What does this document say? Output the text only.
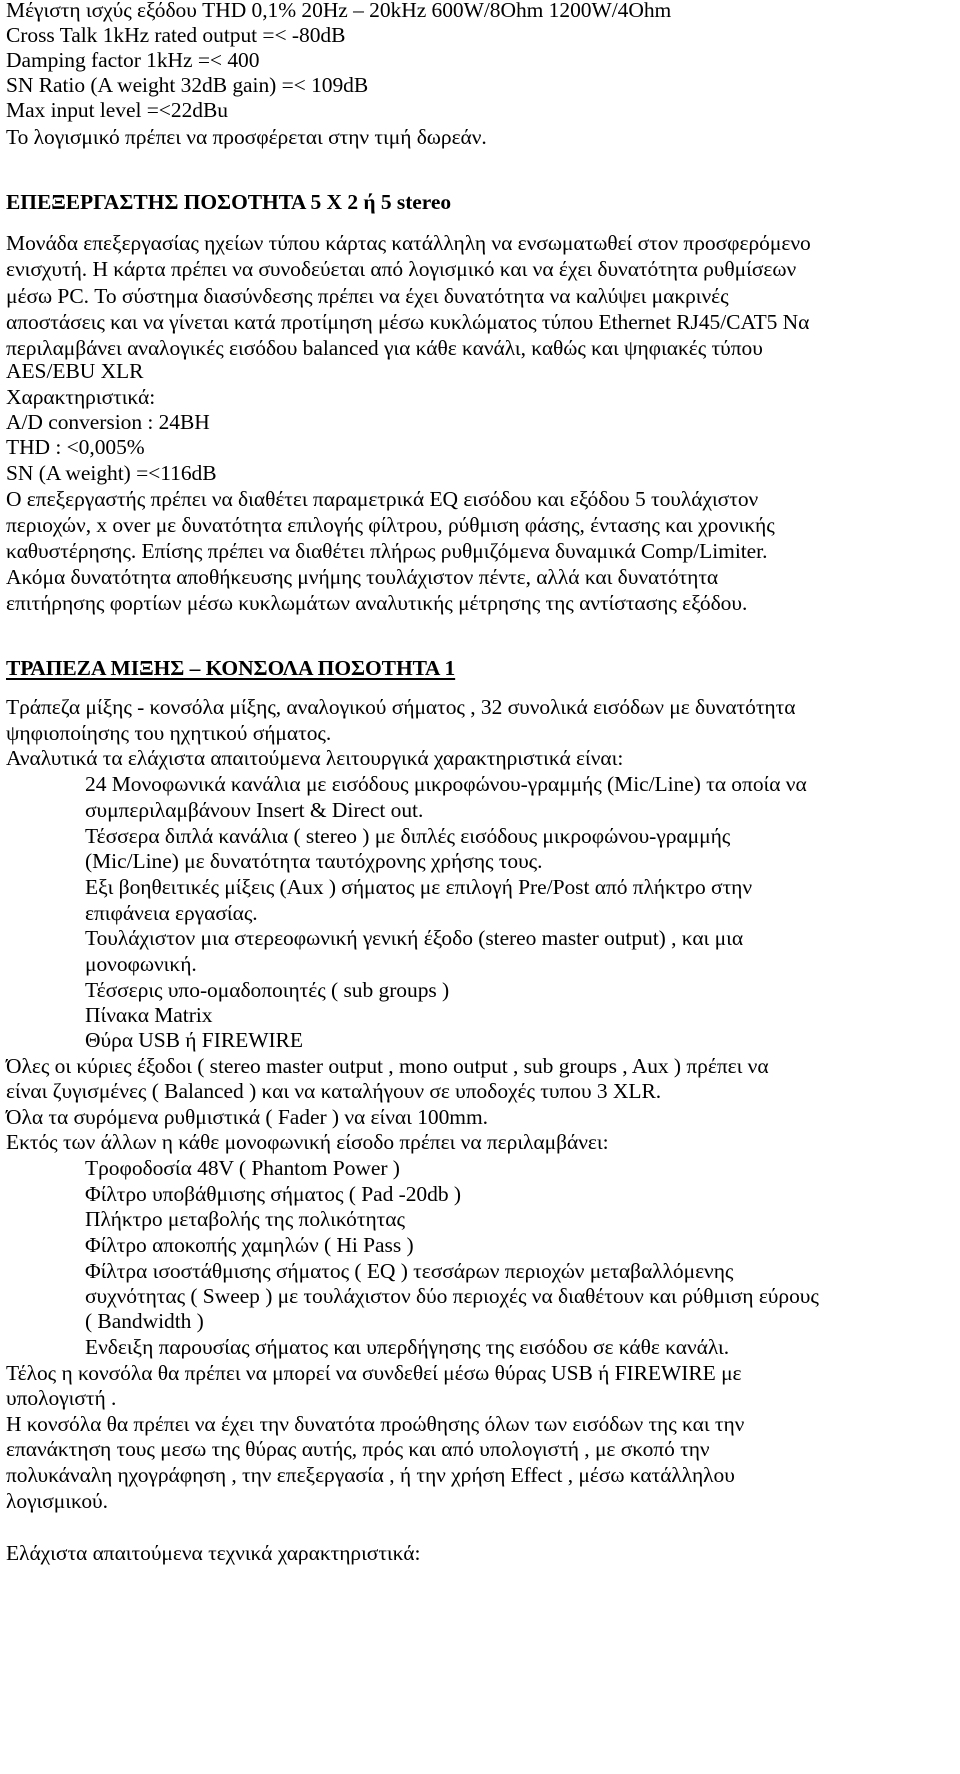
Μέγιστη ισχύς εξόδου THD 0,1% 20Hz – 20kHz 600W/8Ohm 1200W/4Ohm
Cross Talk 1kHz rated output =< -80dB
Damping factor 1kHz =< 400
SN Ratio (A weight 32dB gain) =< 109dB
Max input level =<22dBu
Το λογισμικό πρέπει να προσφέρεται στην τιμή δωρεάν.
ΕΠΕΞΕΡΓΑΣΤΗΣ ΠΟΣΟΤΗΤΑ 5 Χ 2 ή 5 stereo
Μονάδα επεξεργασίας ηχείων τύπου κάρτας κατάλληλη να ενσωματωθεί στον προσφερόμενο
ενισχυτή. Η κάρτα πρέπει να συνοδεύεται από λογισμικό και να έχει δυνατότητα ρυθμίσεων
μέσω PC. Το σύστημα διασύνδεσης πρέπει να έχει δυνατότητα να καλύψει μακρινές
αποστάσεις και να γίνεται κατά προτίμηση μέσω κυκλώματος τύπου Ethernet RJ45/CAT5 Να
περιλαμβάνει αναλογικές εισόδου balanced για κάθε κανάλι, καθώς και ψηφιακές τύπου
AES/EBU XLR
Χαρακτηριστικά:
A/D conversion : 24BH
THD : <0,005%
SN (A weight) =<116dB
Ο επεξεργαστής πρέπει να διαθέτει παραμετρικά EQ εισόδου και εξόδου 5 τουλάχιστον
περιοχών, x over με δυνατότητα επιλογής φίλτρου, ρύθμιση φάσης, έντασης και χρονικής
καθυστέρησης. Επίσης πρέπει να διαθέτει πλήρως ρυθμιζόμενα δυναμικά Comp/Limiter.
Ακόμα δυνατότητα αποθήκευσης μνήμης τουλάχιστον πέντε, αλλά και δυνατότητα
επιτήρησης φορτίων μέσω κυκλωμάτων αναλυτικής μέτρησης της αντίστασης εξόδου.
ΤΡΑΠΕΖΑ ΜΙΞΗΣ – ΚΟΝΣΟΛΑ ΠΟΣΟΤΗΤΑ 1
Τράπεζα μίξης - κονσόλα μίξης, αναλογικού σήματος , 32 συνολικά εισόδων με δυνατότητα
ψηφιοποίησης του ηχητικού σήματος.
Αναλυτικά τα ελάχιστα απαιτούμενα λειτουργικά χαρακτηριστικά είναι:
24 Μονοφωνικά κανάλια με εισόδους μικροφώνου-γραμμής (Mic/Line) τα οποία να
συμπεριλαμβάνουν Insert & Direct out.
Τέσσερα διπλά κανάλια ( stereo ) με διπλές εισόδους μικροφώνου-γραμμής
(Mic/Line) με δυνατότητα ταυτόχρονης χρήσης τους.
Εξι βοηθειτικές μίξεις (Aux ) σήματος με επιλογή Pre/Post από πλήκτρο στην
επιφάνεια εργασίας.
Τουλάχιστον μια στερεοφωνική γενική έξοδο (stereo master output) , και μια
μονοφωνική.
Τέσσερις υπο-ομαδοποιητές ( sub groups )
Πίνακα Matrix
Θύρα USB ή FIREWIRE
Όλες οι κύριες έξοδοι ( stereo master output , mono output , sub groups , Aux ) πρέπει να
είναι ζυγισμένες ( Balanced ) και να καταλήγουν σε υποδοχές τυπου 3 XLR.
Όλα τα συρόμενα ρυθμιστικά ( Fader ) να είναι 100mm.
Εκτός των άλλων η κάθε μονοφωνική είσοδο πρέπει να περιλαμβάνει:
Τροφοδοσία 48V ( Phantom Power )
Φίλτρο υποβάθμισης σήματος ( Pad -20db )
Πλήκτρο μεταβολής της πολικότητας
Φίλτρο αποκοπής χαμηλών ( Hi Pass )
Φίλτρα ισοστάθμισης σήματος ( EQ ) τεσσάρων περιοχών μεταβαλλόμενης
συχνότητας ( Sweep ) με τουλάχιστον δύο περιοχές να διαθέτουν και ρύθμιση εύρους
( Bandwidth )
Ενδειξη παρουσίας σήματος και υπερδήγησης της εισόδου σε κάθε κανάλι.
Τέλος η κονσόλα θα πρέπει να μπορεί να συνδεθεί μέσω θύρας USB ή FIREWIRE με
υπολογιστή .
Η κονσόλα θα πρέπει να έχει την δυνατότα προώθησης όλων των εισόδων της και την
επανάκτηση τους μεσω της θύρας αυτής, πρός και από υπολογιστή , με σκοπό την
πολυκάναλη ηχογράφηση , την επεξεργασία , ή την χρήση Effect , μέσω κατάλληλου
λογισμικού.
Ελάχιστα απαιτούμενα τεχνικά χαρακτηριστικά:
